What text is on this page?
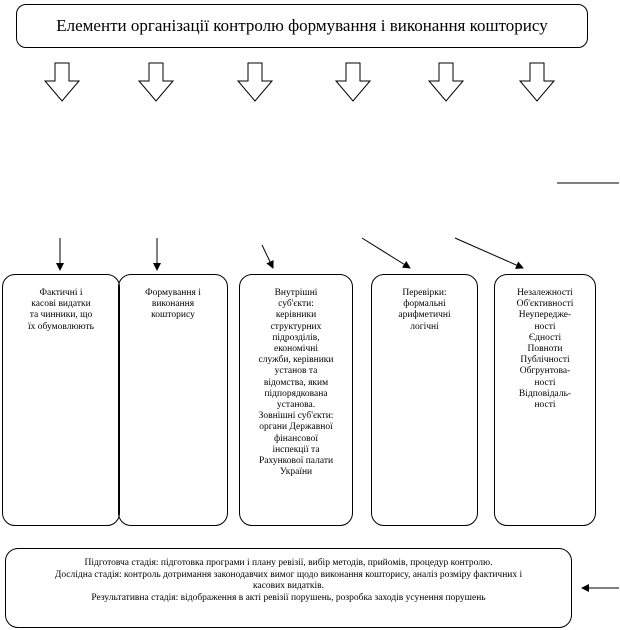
Елементи організації контролю формування і виконання кошторису
Фактичні і
касові видатки
та чинники, що
їх обумовлюють
Формування і
виконання
кошторису
Внутрішні
суб'єкти:
керівники
структурних
підрозділів,
економічні
служби, керівники
установ та
відомства, яким
підпорядкована
установа.
Зовнішні суб'єкти:
органи Державної
фінансової
інспекції та
Рахункової палати
України
Перевірки:
формальні
арифметичні
логічні
Незалежності
Об'єктивності
Неупередже-
ності
Єдності
Повноти
Публічності
Обгрунтова-
ності
Відповідаль-
ності
Підготовча стадія: підготовка програми і плану ревізії, вибір методів, прийомів, процедур контролю.
Дослідна стадія: контроль дотримання законодавчих вимог щодо виконання кошторису, аналіз розміру фактичних і
касових видатків.
Результативна стадія: відображення в акті ревізії порушень, розробка заходів усунення порушень
